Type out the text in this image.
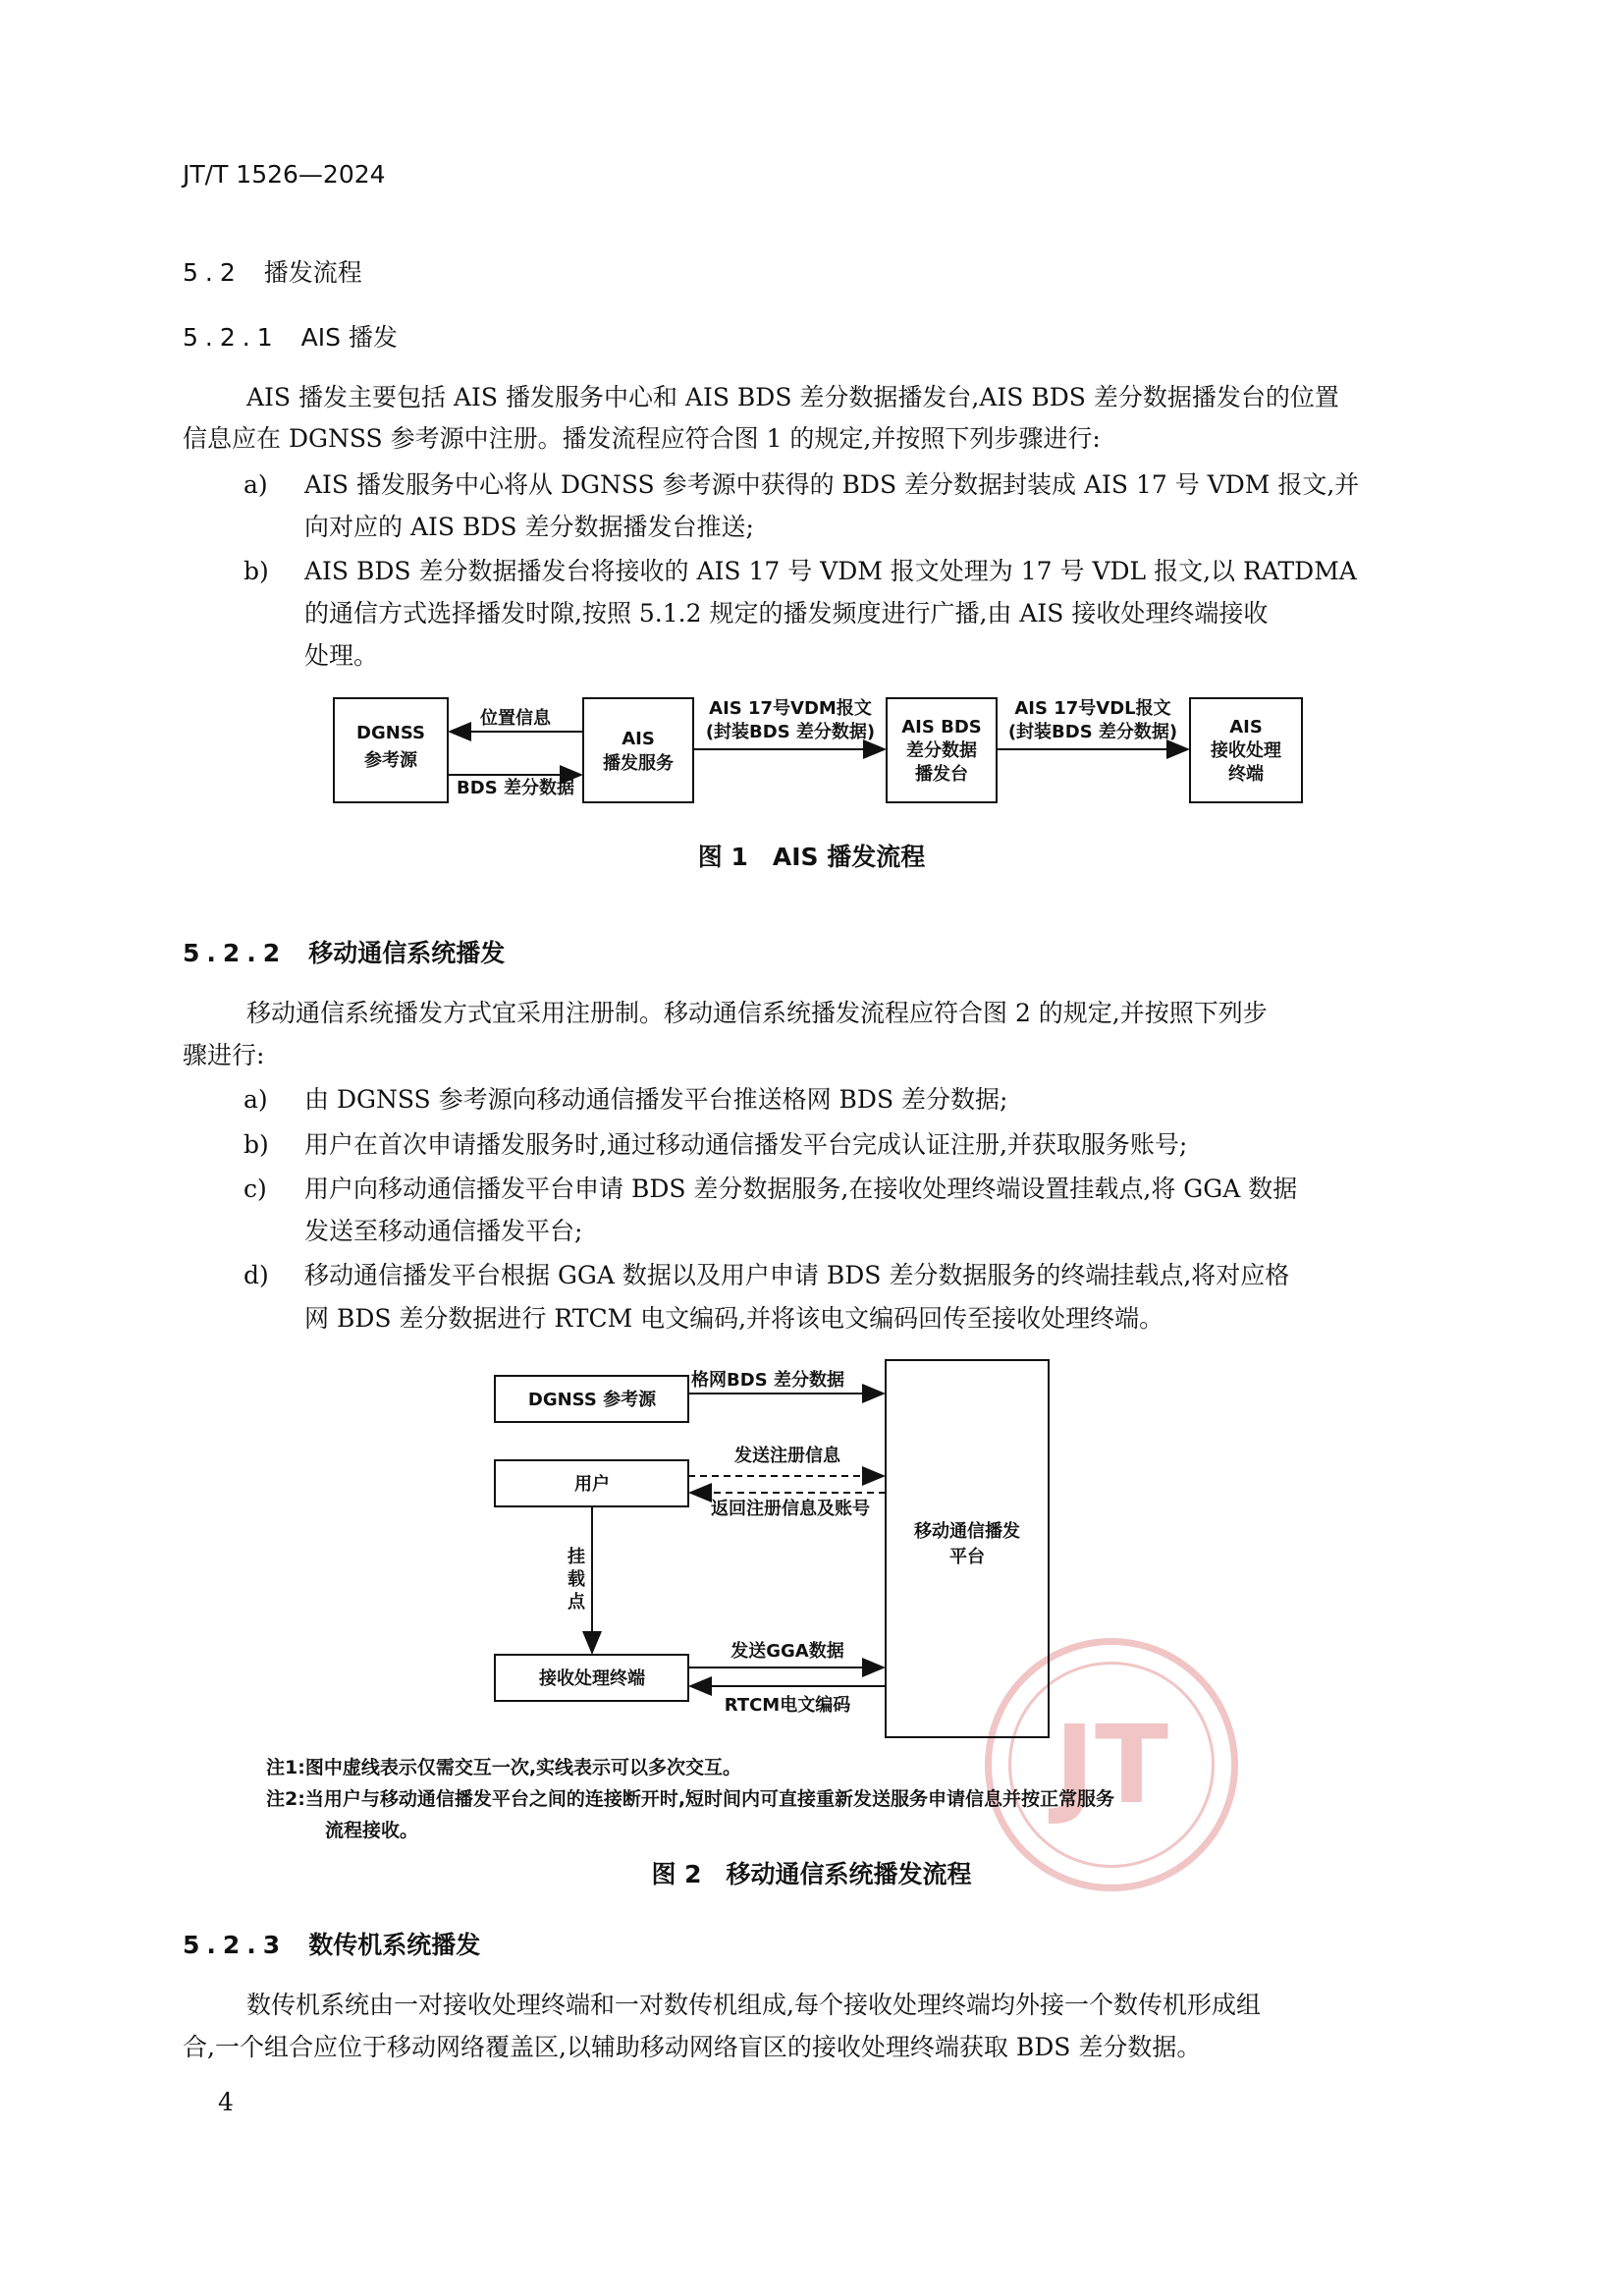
JT/T 1526—2024
5.2 播发流程
5.2.1 AIS 播发
AIS 播发主要包括 AIS 播发服务中心和 AIS BDS 差分数据播发台,AIS BDS 差分数据播发台的位置
信息应在 DGNSS 参考源中注册。播发流程应符合图 1 的规定,并按照下列步骤进行:
a) AIS 播发服务中心将从 DGNSS 参考源中获得的 BDS 差分数据封装成 AIS 17 号 VDM 报文,并
向对应的 AIS BDS 差分数据播发台推送;
b) AIS BDS 差分数据播发台将接收的 AIS 17 号 VDM 报文处理为 17 号 VDL 报文,以 RATDMA
的通信方式选择播发时隙,按照 5.1.2 规定的播发频度进行广播,由 AIS 接收处理终端接收
处理。
DGNSS
参考源
位置信息
BDS 差分数据
AIS
播发服务
AIS 17号VDM报文
(封装BDS 差分数据) AIS BDS
差分数据
播发台
AIS 17号VDL报文
(封装BDS 差分数据)	AIS
接收处理
终端
图 1　AIS 播发流程
5.2.2 移动通信系统播发
移动通信系统播发方式宜采用注册制。移动通信系统播发流程应符合图 2 的规定,并按照下列步
骤进行:
a) 由 DGNSS 参考源向移动通信播发平台推送格网 BDS 差分数据;
b) 用户在首次申请播发服务时,通过移动通信播发平台完成认证注册,并获取服务账号;
c) 用户向移动通信播发平台申请 BDS 差分数据服务,在接收处理终端设置挂载点,将 GGA 数据
发送至移动通信播发平台;
d) 移动通信播发平台根据 GGA 数据以及用户申请 BDS 差分数据服务的终端挂载点,将对应格
网 BDS 差分数据进行 RTCM 电文编码,并将该电文编码回传至接收处理终端。
JT
DGNSS 参考源
格网BDS 差分数据
用户
发送注册信息
返回注册信息及账号
移动通信播发
平台
挂
载
点
发送GGA数据
接收处理终端
RTCM电文编码
注1:图中虚线表示仅需交互一次,实线表示可以多次交互。
注2:当用户与移动通信播发平台之间的连接断开时,短时间内可直接重新发送服务申请信息并按正常服务
流程接收。
图 2　移动通信系统播发流程
5.2.3 数传机系统播发
数传机系统由一对接收处理终端和一对数传机组成,每个接收处理终端均外接一个数传机形成组
合,一个组合应位于移动网络覆盖区,以辅助移动网络盲区的接收处理终端获取 BDS 差分数据。
4
